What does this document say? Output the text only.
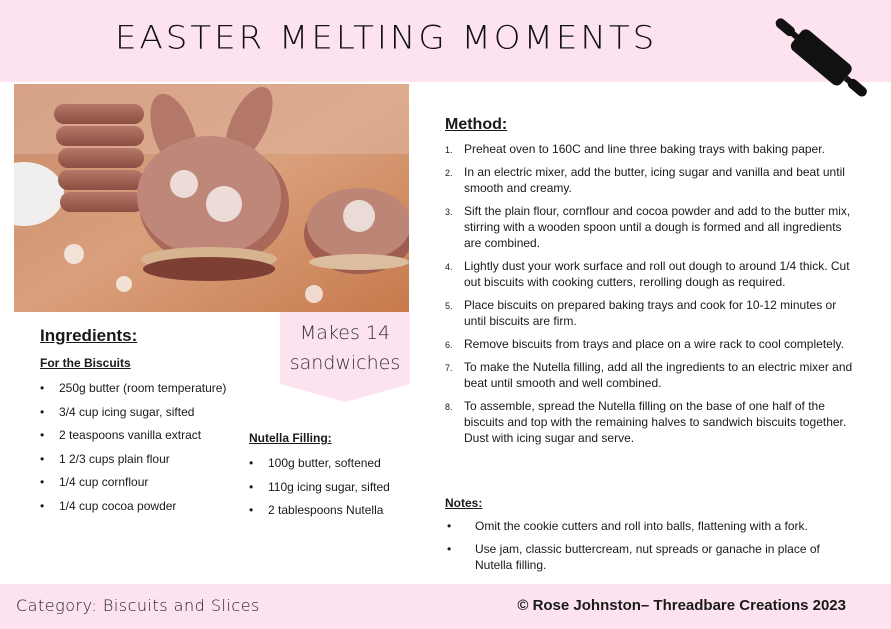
EASTER MELTING MOMENTS
Makes 14
sandwiches
Ingredients:
For the Biscuits
• 250g butter (room temperature)
• 3/4 cup icing sugar, sifted
• 2 teaspoons vanilla extract
• 1 2/3 cups plain flour
• 1/4 cup cornflour
• 1/4 cup cocoa powder
Nutella Filling:
• 100g butter, softened
• 110g icing sugar, sifted
• 2 tablespoons Nutella
Method:
1. Preheat oven to 160C and line three baking trays with baking paper.
2. In an electric mixer, add the butter, icing sugar and vanilla and beat until smooth and creamy.
3. Sift the plain flour, cornflour and cocoa powder and add to the butter mix, stirring with a wooden spoon until a dough is formed and all ingredients are combined.
4. Lightly dust your work surface and roll out dough to around 1/4 thick. Cut out biscuits with cooking cutters, rerolling dough as required.
5. Place biscuits on prepared baking trays and cook for 10-12 minutes or until biscuits are firm.
6. Remove biscuits from trays and place on a wire rack to cool completely.
7. To make the Nutella filling, add all the ingredients to an electric mixer and beat until smooth and well combined.
8. To assemble, spread the Nutella filling on the base of one half of the biscuits and top with the remaining halves to sandwich biscuits together. Dust with icing sugar and serve.
Notes:
• Omit the cookie cutters and roll into balls, flattening with a fork.
• Use jam, classic buttercream, nut spreads or ganache in place of Nutella filling.
Category: Biscuits and Slices	© Rose Johnston– Threadbare Creations 2023
